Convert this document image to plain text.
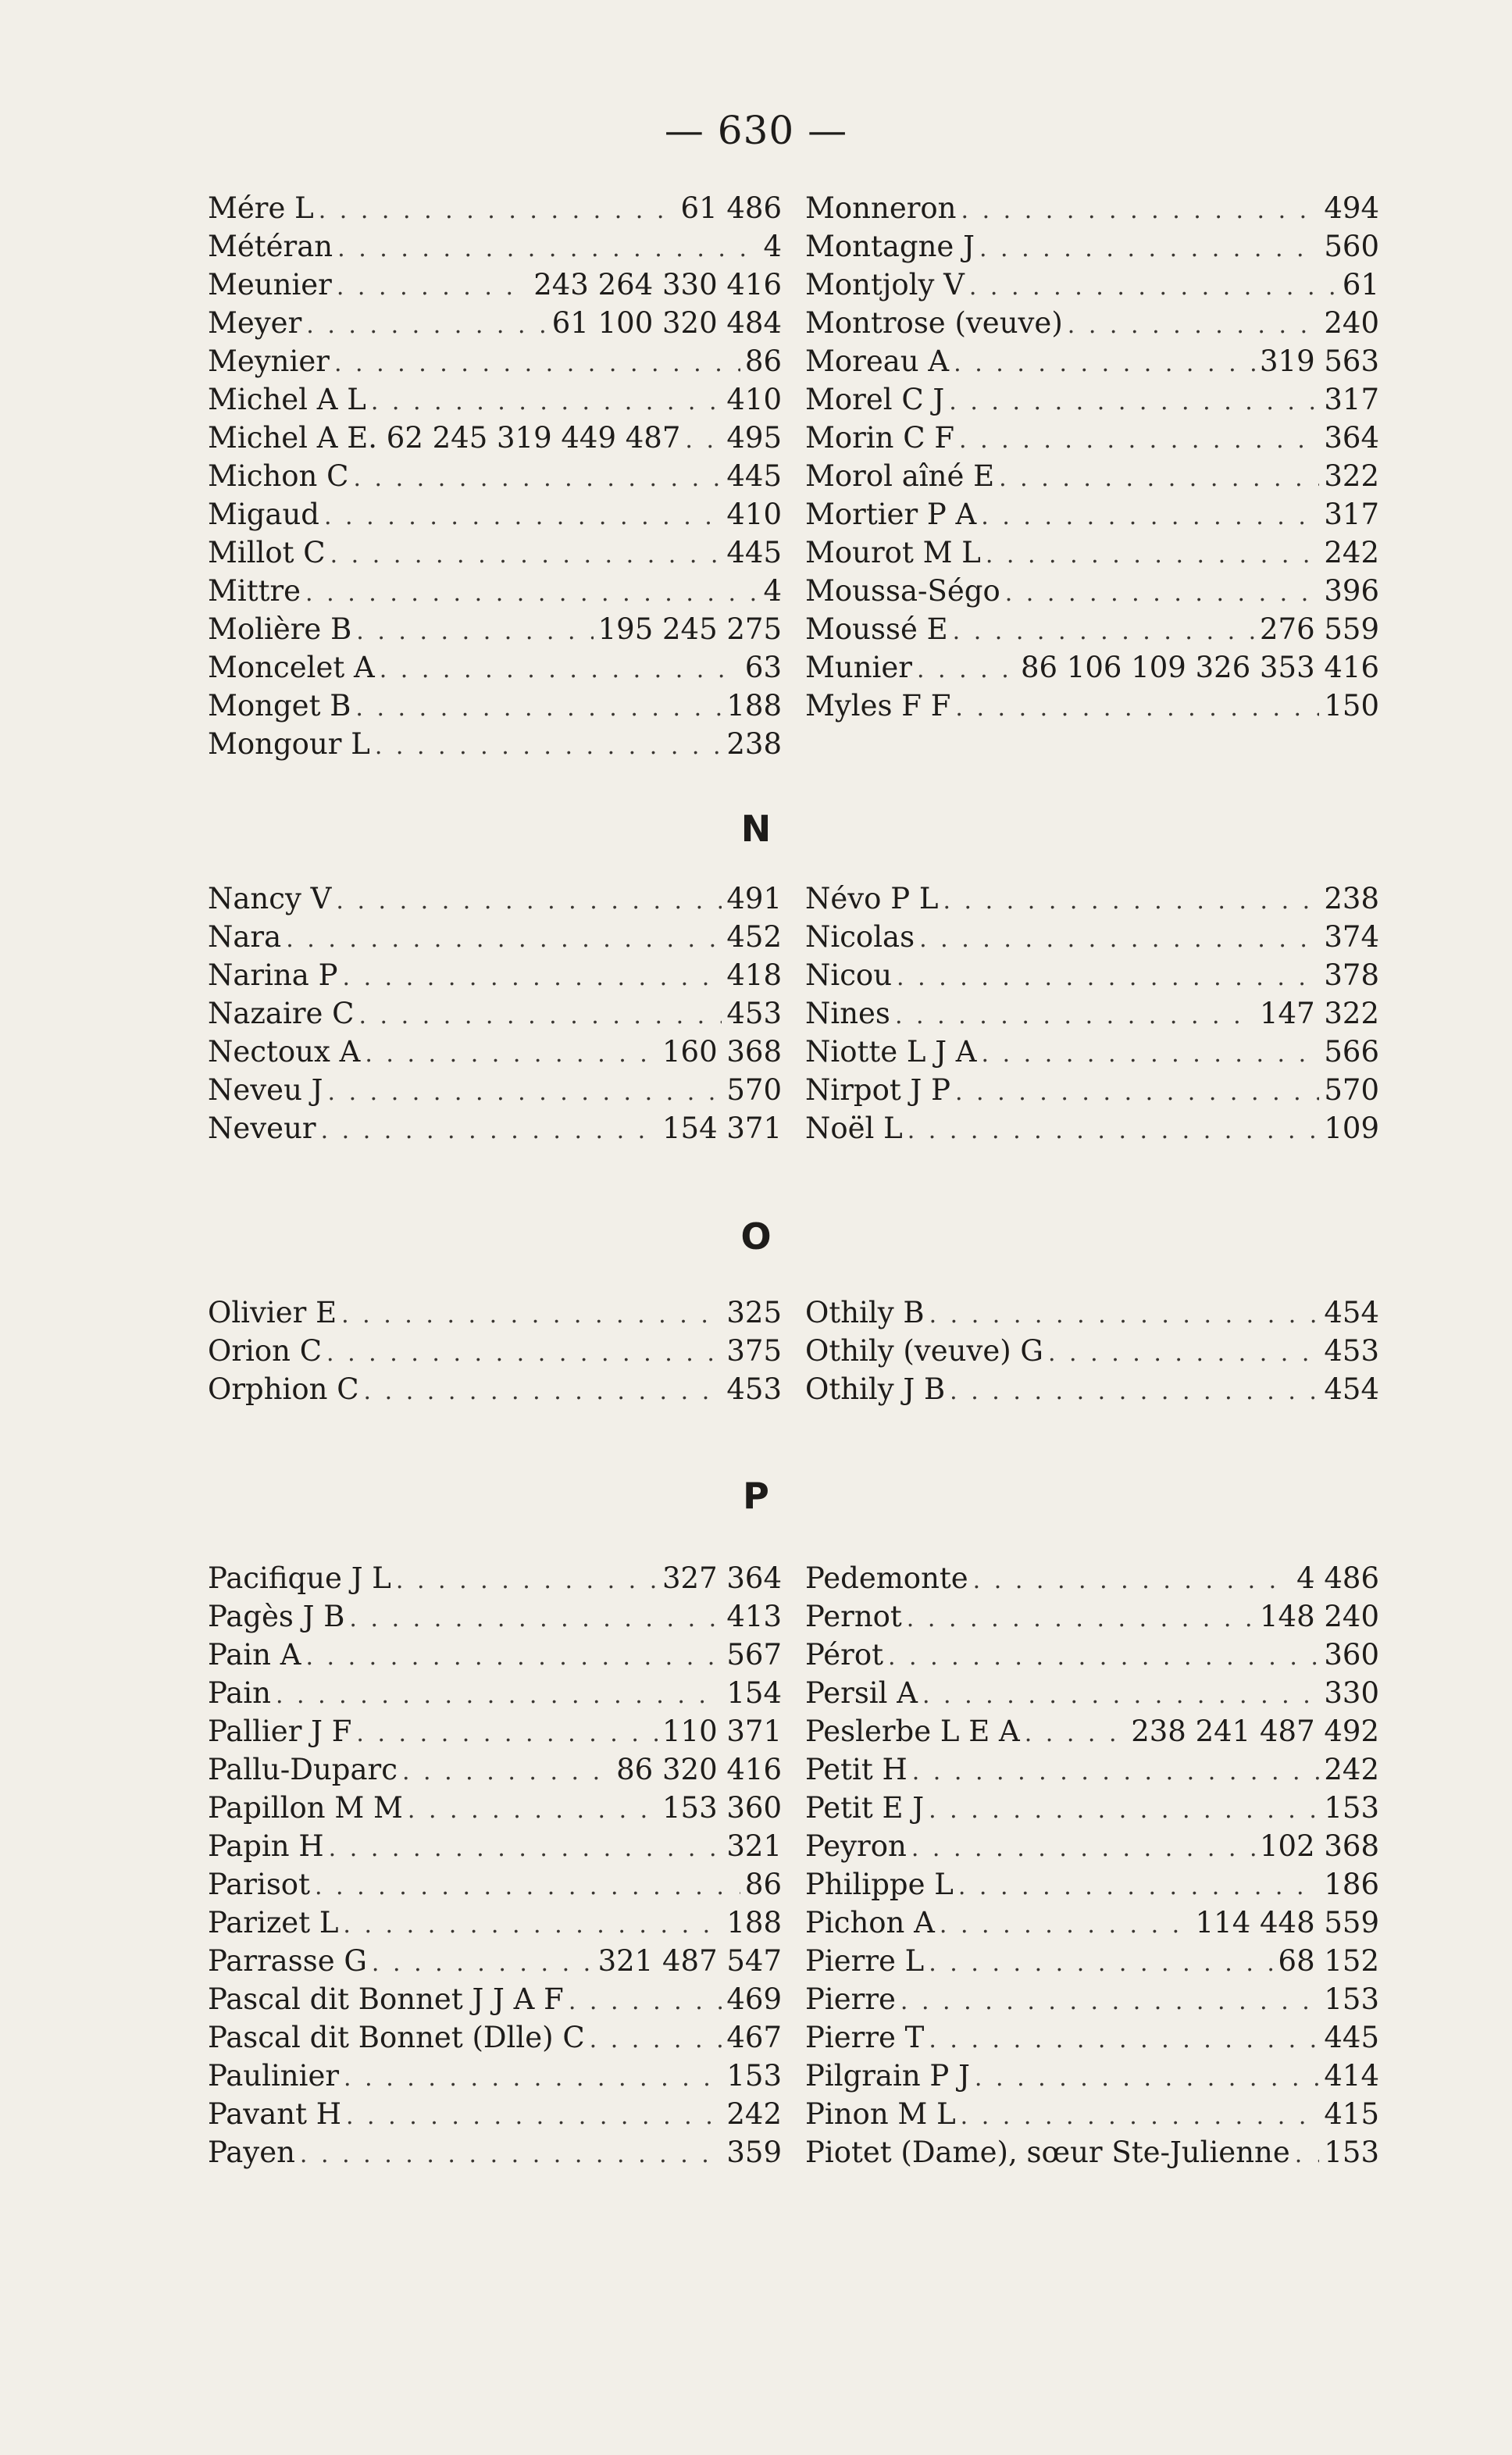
— 630 —
Mére L . . .	61 486
Météran . . .	4
Meunier . . .	243 264 330 416
Meyer . . .	61 100 320 484
Meynier . . .	86
Michel A L . . .	410
Michel A E. 62 245 319 449 487 . . . 495
Michon C . . .	445
Migaud . . .	410
Millot C . . .	445
Mittre . . .	4
Molière B . . .	195 245 275
Moncelet A . . .	63
Monget B . . .	188
Mongour L . . .	238
Monneron . . .	494
Montagne J . . .	560
Montjoly V . . .	61
Montrose (veuve) . . .	240
Moreau A . . .	319 563
Morel C J . . .	317
Morin C F . . .	364
Morol aîné E . . .	322
Mortier P A . . .	317
Mourot M L . . .	242
Moussa-Ségo . . .	396
Moussé E . . .	276 559
Munier . . .	86 106 109 326 353 416
Myles F F . . .	150
N
Nancy V . . .	491
Nara . . .	452
Narina P . . .	418
Nazaire C . . .	453
Nectoux A . . .	160 368
Neveu J . . .	570
Neveur . . .	154 371
Névo P L . . .	238
Nicolas . . .	374
Nicou . . .	378
Nines . . .	147 322
Niotte L J A . . .	566
Nirpot J P . . .	570
Noël L . . .	109
O
Olivier E . . .	325
Orion C . . .	375
Orphion C . . .	453
Othily B . . .	454
Othily (veuve) G . . .	453
Othily J B . . .	454
P
Pacifique J L . . .	327 364
Pagès J B . . .	413
Pain A . . .	567
Pain . . .	154
Pallier J F . . .	110 371
Pallu-Duparc . . .	86 320 416
Papillon M M . . .	153 360
Papin H . . .	321
Parisot . . .	86
Parizet L . . .	188
Parrasse G . . .	321 487 547
Pascal dit Bonnet J J A F . . .	469
Pascal dit Bonnet (Dlle) C . . .	467
Paulinier . . .	153
Pavant H . . .	242
Payen . . .	359
Pedemonte . . .	4 486
Pernot . . .	148 240
Pérot . . .	360
Persil A . . .	330
Peslerbe L E A . . .	238 241 487 492
Petit H . . .	242
Petit E J . . .	153
Peyron . . .	102 368
Philippe L . . .	186
Pichon A . . .	114 448 559
Pierre L . . .	68 152
Pierre . . .	153
Pierre T . . .	445
Pilgrain P J . . .	414
Pinon M L . . .	415
Piotet (Dame), sœur Ste-Julienne . . . 153
